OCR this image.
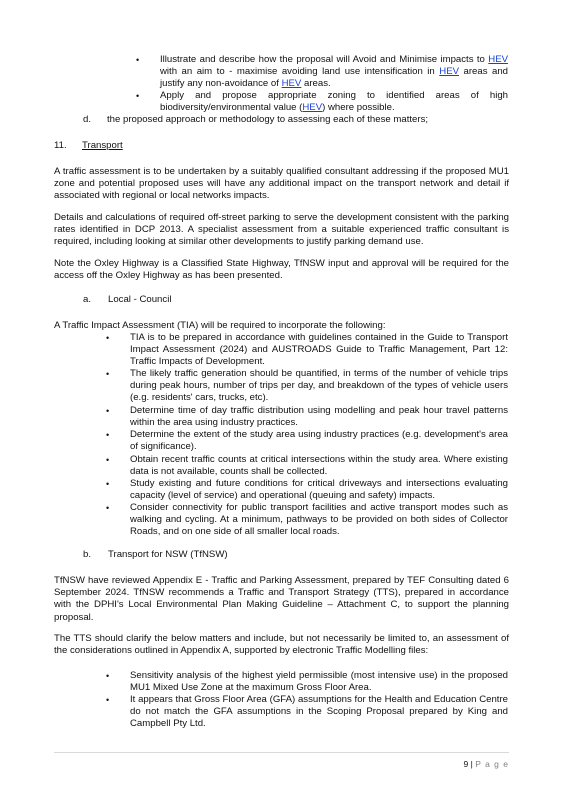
• Illustrate and describe how the proposal will Avoid and Minimise impacts to HEV with an aim to - maximise avoiding land use intensification in HEV areas and justify any non-avoidance of HEV areas.
• Apply and propose appropriate zoning to identified areas of high biodiversity/environmental value (HEV) where possible.
d. the proposed approach or methodology to assessing each of these matters;
11. Transport

A traffic assessment is to be undertaken by a suitably qualified consultant addressing if the proposed MU1 zone and potential proposed uses will have any additional impact on the transport network and detail if associated with regional or local networks impacts.

Details and calculations of required off-street parking to serve the development consistent with the parking rates identified in DCP 2013. A specialist assessment from a suitable experienced traffic consultant is required, including looking at similar other developments to justify parking demand use.

Note the Oxley Highway is a Classified State Highway, TfNSW input and approval will be required for the access off the Oxley Highway as has been presented.

a. Local - Council

A Traffic Impact Assessment (TIA) will be required to incorporate the following:

• TIA is to be prepared in accordance with guidelines contained in the Guide to Transport Impact Assessment (2024) and AUSTROADS Guide to Traffic Management, Part 12: Traffic Impacts of Development.
• The likely traffic generation should be quantified, in terms of the number of vehicle trips during peak hours, number of trips per day, and breakdown of the types of vehicle users (e.g. residents' cars, trucks, etc).
• Determine time of day traffic distribution using modelling and peak hour travel patterns within the area using industry practices.
• Determine the extent of the study area using industry practices (e.g. development's area of significance).
• Obtain recent traffic counts at critical intersections within the study area. Where existing data is not available, counts shall be collected.
• Study existing and future conditions for critical driveways and intersections evaluating capacity (level of service) and operational (queuing and safety) impacts.
• Consider connectivity for public transport facilities and active transport modes such as walking and cycling. At a minimum, pathways to be provided on both sides of Collector Roads, and on one side of all smaller local roads.
b. Transport for NSW (TfNSW)

TfNSW have reviewed Appendix E - Traffic and Parking Assessment, prepared by TEF Consulting dated 6 September 2024. TfNSW recommends a Traffic and Transport Strategy (TTS), prepared in accordance with the DPHI's Local Environmental Plan Making Guideline – Attachment C, to support the planning proposal.

The TTS should clarify the below matters and include, but not necessarily be limited to, an assessment of the considerations outlined in Appendix A, supported by electronic Traffic Modelling files:

• Sensitivity analysis of the highest yield permissible (most intensive use) in the proposed MU1 Mixed Use Zone at the maximum Gross Floor Area.
• It appears that Gross Floor Area (GFA) assumptions for the Health and Education Centre do not match the GFA assumptions in the Scoping Proposal prepared by King and Campbell Pty Ltd.
9 | P a g e
